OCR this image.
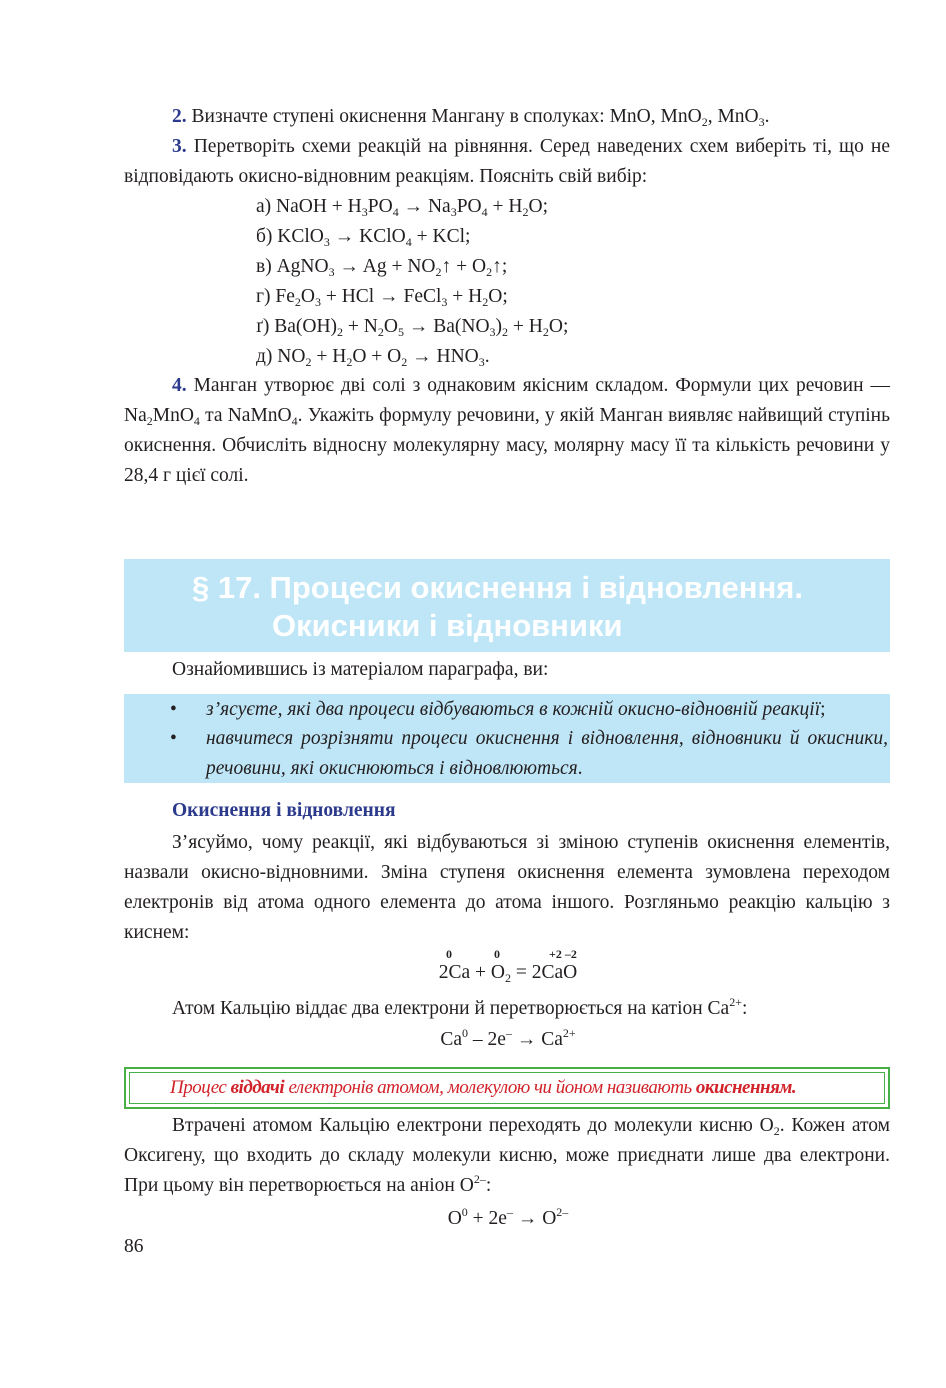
2. Визначте ступені окиснення Мангану в сполуках: MnO, MnO$_2$, MnO$_3$.

3. Перетворіть схеми реакцій на рівняння. Серед наведених схем виберіть ті, що не відповідають окисно-відновним реакціям. Поясніть свій вибір:

а) NaOH + $H_3PO_4 \to Na_3PO_4 + H_2O$;
б) KClO$_3$ → KClO$_4$ + KCl;
в) AgNO$_3$ → $Ag + NO_2↑$ + $O_2↑$;
г) $Fe_2O_3$ + HCl → FeCl$_3$ + $H_2O$;
ґ) $Ba(OH)_2 + N_2O_5 \to Ba(NO_3)_2 + H_2O$;
д) $NO_2 + H_2O + O_2 \to HNO_3$.

4. Манган утворює дві солі з однаковим якісним складом. Формули цих речовин — $Na_2MnO_4$ та NaMnO$_4$. Укажіть формулу речовини, у якій Манган виявляє найвищий ступінь окиснення. Обчисліть відносну молекулярну масу, молярну масу її та кількість речовини у 28,4 г цієї солі.

§ 17. Процеси окиснення і відновлення.
Окисники і відновники

Ознайомившись із матеріалом параграфа, ви:

• з’ясуєте, які два процеси відбуваються в кожній окисно-відновній реакції;
• навчитеся розрізняти процеси окиснення і відновлення, відновники й окисники, речовини, які окиснюються і відновлюються.
Окиснення і відновлення

З’ясуймо, чому реакції, які відбуваються зі зміною ступенів окиснення елементів, назвали окисно-відновними. Зміна ступеня окиснення елемента зумовлена переходом електронів від атома одного елемента до атома іншого. Розгляньмо реакцію кальцію з киснем:

0	0	+2 –2
$2Ca + O_2 = 2CaO$

Атом Кальцію віддає два електрони й перетворюється на катіон $Ca^{2+}$:

$Ca^0 - 2e^- \to Ca^{2+}$
Процес віддачі електронів атомом, молекулою чи йоном називають окисненням.

Втрачені атомом Кальцію електрони переходять до молекули кисню $O_2$. Кожен атом Оксигену, що входить до складу молекули кисню, може приєднати лише два електрони. При цьому він перетворюється на аніон $O^{2-}$:

$O^0 + 2e^- \to O^{2-}$
86
